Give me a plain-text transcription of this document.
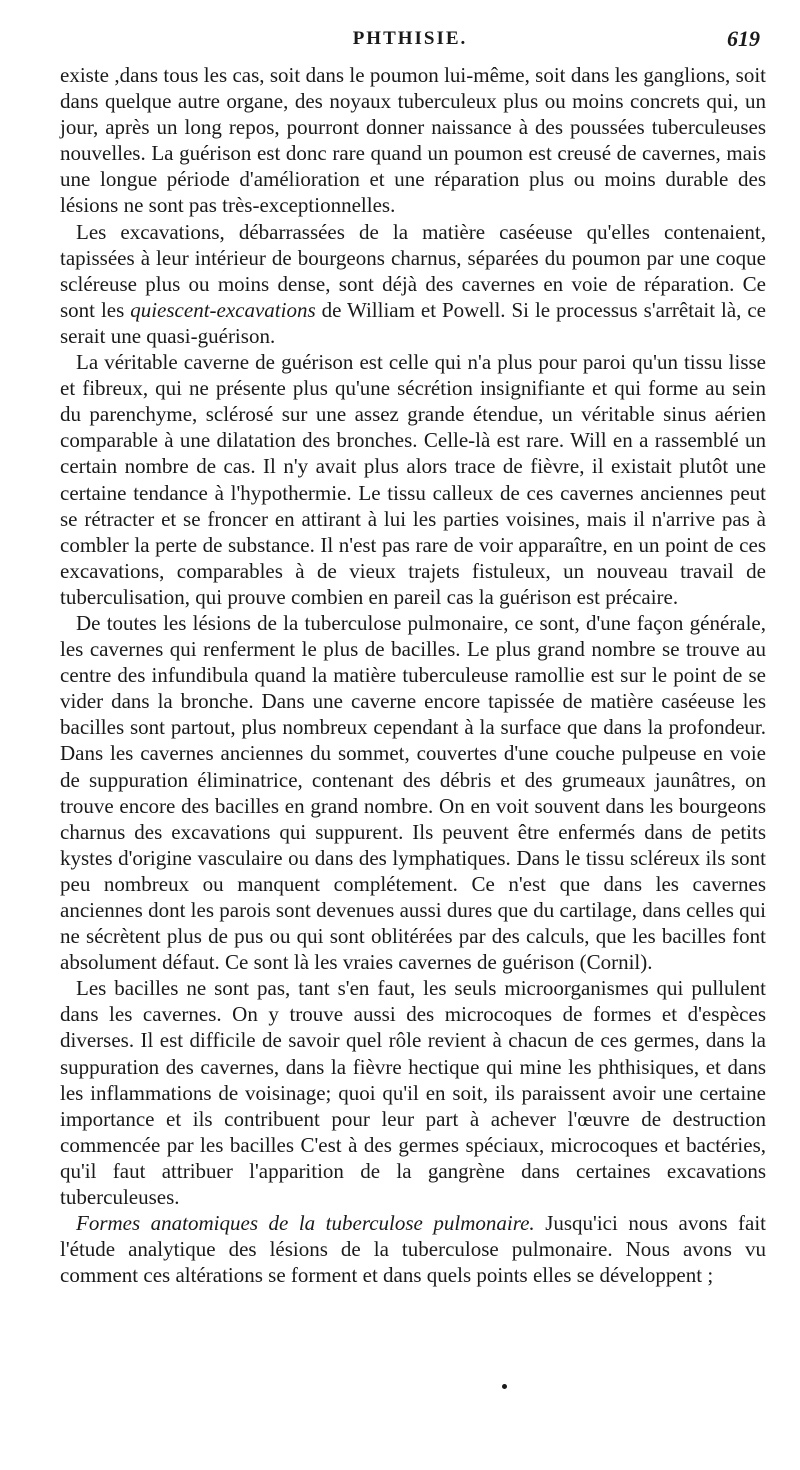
PHTHISIE.	619

existe ,dans tous les cas, soit dans le poumon lui-même, soit dans les ganglions, soit dans quelque autre organe, des noyaux tuberculeux plus ou moins concrets qui, un jour, après un long repos, pourront donner naissance à des poussées tuberculeuses nouvelles. La guérison est donc rare quand un poumon est creusé de cavernes, mais une longue période d'amélioration et une réparation plus ou moins durable des lésions ne sont pas très-exceptionnelles.

Les excavations, débarrassées de la matière caséeuse qu'elles contenaient, tapissées à leur intérieur de bourgeons charnus, séparées du poumon par une coque scléreuse plus ou moins dense, sont déjà des cavernes en voie de réparation. Ce sont les quiescent-excavations de William et Powell. Si le processus s'arrêtait là, ce serait une quasi-guérison.

La véritable caverne de guérison est celle qui n'a plus pour paroi qu'un tissu lisse et fibreux, qui ne présente plus qu'une sécrétion insignifiante et qui forme au sein du parenchyme, sclérosé sur une assez grande étendue, un véritable sinus aérien comparable à une dilatation des bronches. Celle-là est rare. Will en a rassemblé un certain nombre de cas. Il n'y avait plus alors trace de fièvre, il existait plutôt une certaine tendance à l'hypothermie. Le tissu calleux de ces cavernes anciennes peut se rétracter et se froncer en attirant à lui les parties voisines, mais il n'arrive pas à combler la perte de substance. Il n'est pas rare de voir apparaître, en un point de ces excavations, comparables à de vieux trajets fistuleux, un nouveau travail de tuberculisation, qui prouve combien en pareil cas la guérison est précaire.

De toutes les lésions de la tuberculose pulmonaire, ce sont, d'une façon générale, les cavernes qui renferment le plus de bacilles. Le plus grand nombre se trouve au centre des infundibula quand la matière tuberculeuse ramollie est sur le point de se vider dans la bronche. Dans une caverne encore tapissée de matière caséeuse les bacilles sont partout, plus nombreux cependant à la surface que dans la profondeur. Dans les cavernes anciennes du sommet, couvertes d'une couche pulpeuse en voie de suppuration éliminatrice, contenant des débris et des grumeaux jaunâtres, on trouve encore des bacilles en grand nombre. On en voit souvent dans les bourgeons charnus des excavations qui suppurent. Ils peuvent être enfermés dans de petits kystes d'origine vasculaire ou dans des lymphatiques. Dans le tissu scléreux ils sont peu nombreux ou manquent complétement. Ce n'est que dans les cavernes anciennes dont les parois sont devenues aussi dures que du cartilage, dans celles qui ne sécrètent plus de pus ou qui sont oblitérées par des calculs, que les bacilles font absolument défaut. Ce sont là les vraies cavernes de guérison (Cornil).

Les bacilles ne sont pas, tant s'en faut, les seuls microorganismes qui pullulent dans les cavernes. On y trouve aussi des microcoques de formes et d'espèces diverses. Il est difficile de savoir quel rôle revient à chacun de ces germes, dans la suppuration des cavernes, dans la fièvre hectique qui mine les phthisiques, et dans les inflammations de voisinage; quoi qu'il en soit, ils paraissent avoir une certaine importance et ils contribuent pour leur part à achever l'œuvre de destruction commencée par les bacilles C'est à des germes spéciaux, microcoques et bactéries, qu'il faut attribuer l'apparition de la gangrène dans certaines excavations tuberculeuses.

Formes anatomiques de la tuberculose pulmonaire. Jusqu'ici nous avons fait l'étude analytique des lésions de la tuberculose pulmonaire. Nous avons vu comment ces altérations se forment et dans quels points elles se développent ;
